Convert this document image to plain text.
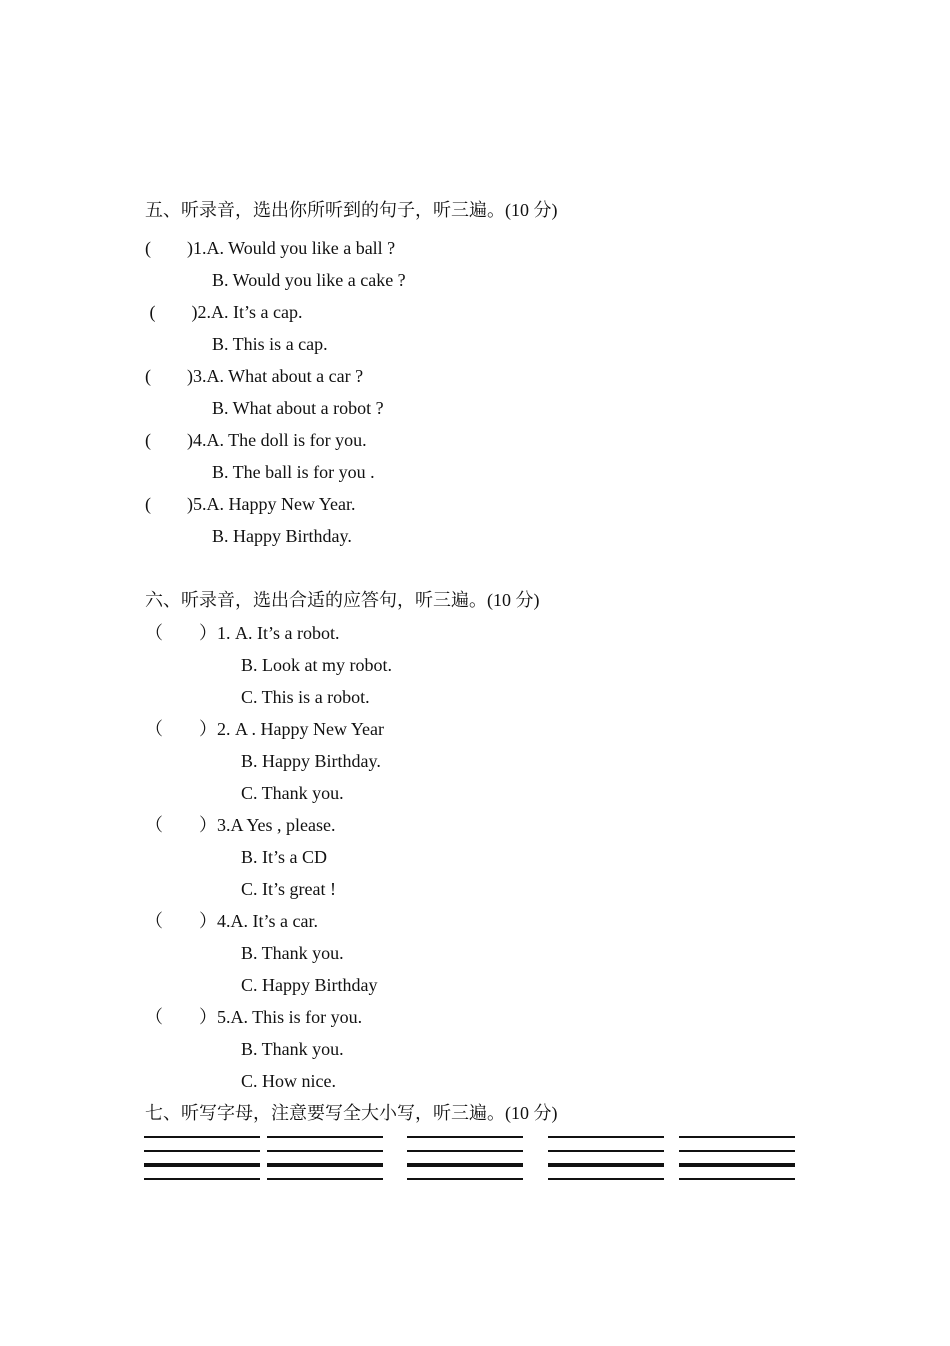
五、听录音，选出你所听到的句子，听三遍。(10 分)
(        )1.A. Would you like a ball ?
B. Would you like a cake ?
(        )2.A. It’s a cap.
B. This is a cap.
(        )3.A. What about a car ?
B. What about a robot ?
(        )4.A. The doll is for you.
B. The ball is for you .
(        )5.A. Happy New Year.
B. Happy Birthday.
六、听录音，选出合适的应答句，听三遍。(10 分)
（        ）1. A. It’s a robot.
B. Look at my robot.
C. This is a robot.
（        ）2. A . Happy New Year
B. Happy Birthday.
C. Thank you.
（        ）3.A Yes , please.
B. It’s a CD
C. It’s great !
（        ）4.A. It’s a car.
B. Thank you.
C. Happy Birthday
（        ）5.A. This is for you.
B. Thank you.
C. How nice.
七、听写字母，注意要写全大小写，听三遍。(10 分)
